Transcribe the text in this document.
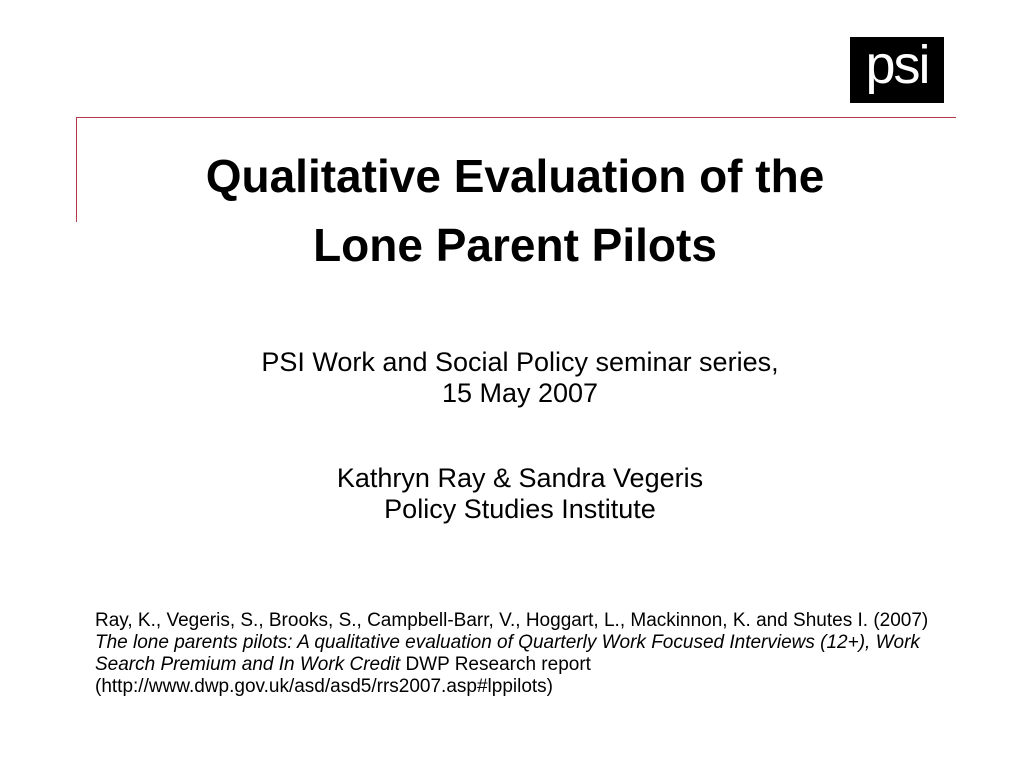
psi
Qualitative Evaluation of the
Lone Parent Pilots
PSI Work and Social Policy seminar series,
15 May 2007
Kathryn Ray & Sandra Vegeris
Policy Studies Institute

Ray, K., Vegeris, S., Brooks, S., Campbell-Barr, V., Hoggart, L., Mackinnon, K. and Shutes I. (2007) The lone parents pilots: A qualitative evaluation of Quarterly Work Focused Interviews (12+), Work Search Premium and In Work Credit DWP Research report (http://www.dwp.gov.uk/asd/asd5/rrs2007.asp#lppilots)
